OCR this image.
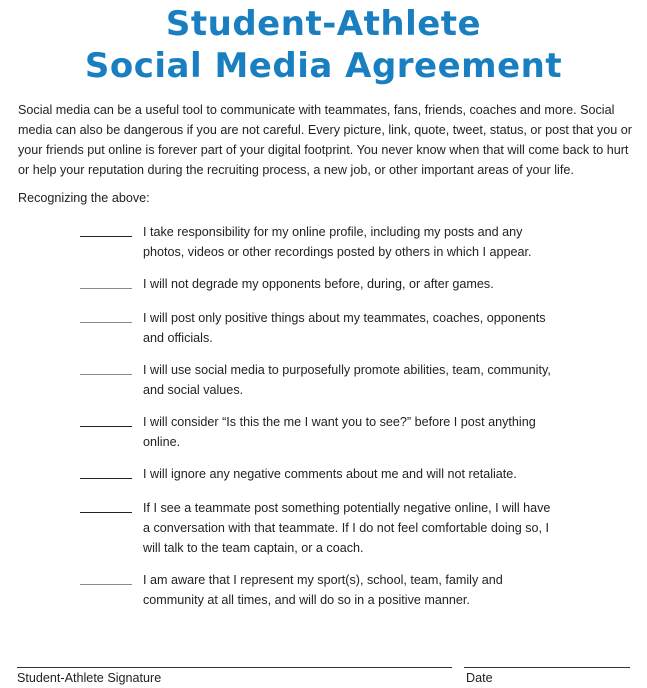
Student-Athlete
Social Media Agreement

Social media can be a useful tool to communicate with teammates, fans, friends, coaches and more. Social media can also be dangerous if you are not careful. Every picture, link, quote, tweet, status, or post that you or your friends put online is forever part of your digital footprint. You never know when that will come back to hurt or help your reputation during the recruiting process, a new job, or other important areas of your life.

Recognizing the above:
I take responsibility for my online profile, including my posts and any photos, videos or other recordings posted by others in which I appear.
I will not degrade my opponents before, during, or after games.
I will post only positive things about my teammates, coaches, opponents and officials.
I will use social media to purposefully promote abilities, team, community, and social values.
I will consider “Is this the me I want you to see?” before I post anything online.
I will ignore any negative comments about me and will not retaliate.
If I see a teammate post something potentially negative online, I will have a conversation with that teammate. If I do not feel comfortable doing so, I will talk to the team captain, or a coach.
I am aware that I represent my sport(s), school, team, family and community at all times, and will do so in a positive manner.
Student-Athlete Signature	Date
